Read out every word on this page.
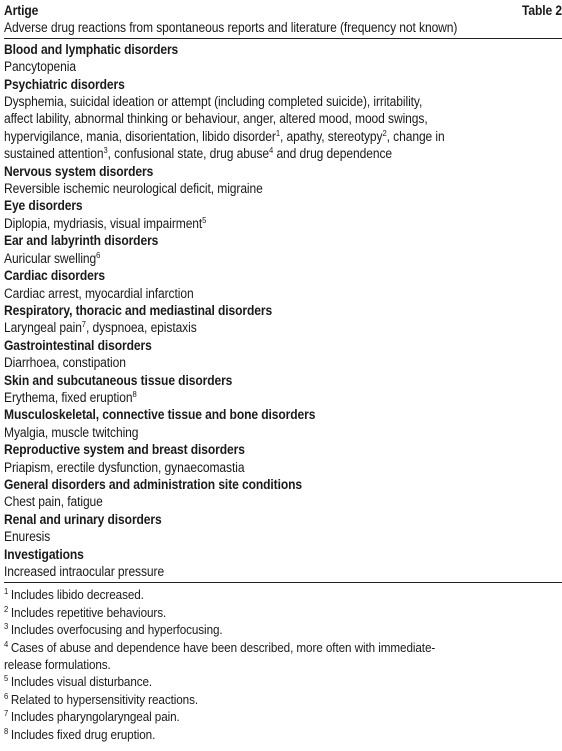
Artige	Table 2
Adverse drug reactions from spontaneous reports and literature (frequency not known)
Blood and lymphatic disorders
Pancytopenia
Psychiatric disorders
Dysphemia, suicidal ideation or attempt (including completed suicide), irritability,
affect lability, abnormal thinking or behaviour, anger, altered mood, mood swings,
hypervigilance, mania, disorientation, libido disorder$^1$, apathy, stereotypy$^2$, change in
sustained attention$^3$, confusional state, drug abuse$^4$ and drug dependence
Nervous system disorders
Reversible ischemic neurological deficit, migraine
Eye disorders
Diplopia, mydriasis, visual impairment$^5$
Ear and labyrinth disorders
Auricular swelling$^6$
Cardiac disorders
Cardiac arrest, myocardial infarction
Respiratory, thoracic and mediastinal disorders
Laryngeal pain$^7$, dyspnoea, epistaxis
Gastrointestinal disorders
Diarrhoea, constipation
Skin and subcutaneous tissue disorders
Erythema, fixed eruption$^8$
Musculoskeletal, connective tissue and bone disorders
Myalgia, muscle twitching
Reproductive system and breast disorders
Priapism, erectile dysfunction, gynaecomastia
General disorders and administration site conditions
Chest pain, fatigue
Renal and urinary disorders
Enuresis
Investigations
Increased intraocular pressure
$^1$ Includes libido decreased.
$^2$ Includes repetitive behaviours.
$^3$ Includes overfocusing and hyperfocusing.
$^4$ Cases of abuse and dependence have been described, more often with immediate-
release formulations.
$^5$ Includes visual disturbance.
$^6$ Related to hypersensitivity reactions.
$^7$ Includes pharyngolaryngeal pain.
$^8$ Includes fixed drug eruption.
